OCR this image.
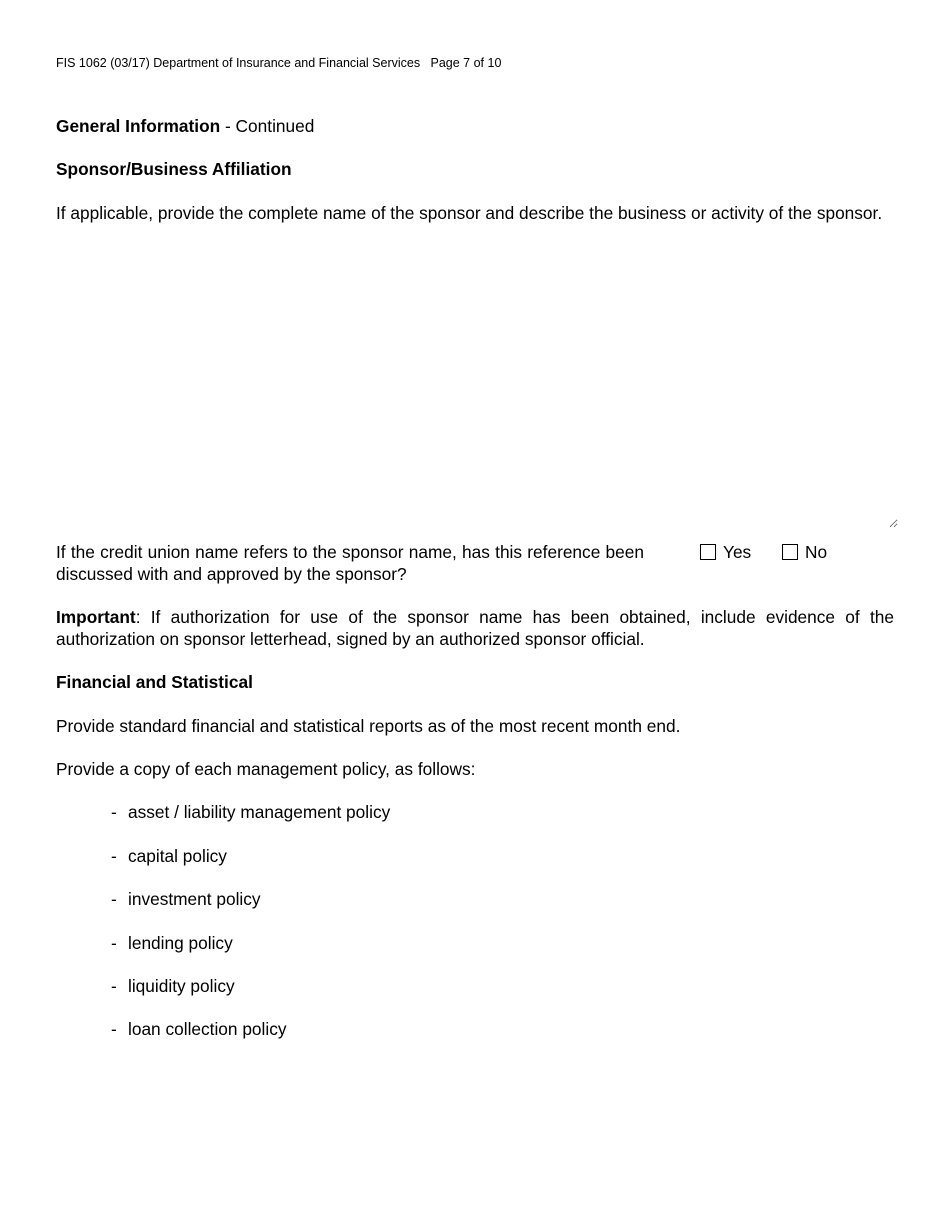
FIS 1062 (03/17) Department of Insurance and Financial Services   Page 7 of 10
General Information - Continued
Sponsor/Business Affiliation
If applicable, provide the complete name of the sponsor and describe the business or activity of the sponsor.
If the credit union name refers to the sponsor name, has this reference been discussed with and approved by the sponsor?
Yes	No
Important: If authorization for use of the sponsor name has been obtained, include evidence of the authorization on sponsor letterhead, signed by an authorized sponsor official.
Financial and Statistical
Provide standard financial and statistical reports as of the most recent month end.
Provide a copy of each management policy, as follows:
- asset / liability management policy
- capital policy
- investment policy
- lending policy
- liquidity policy
- loan collection policy
